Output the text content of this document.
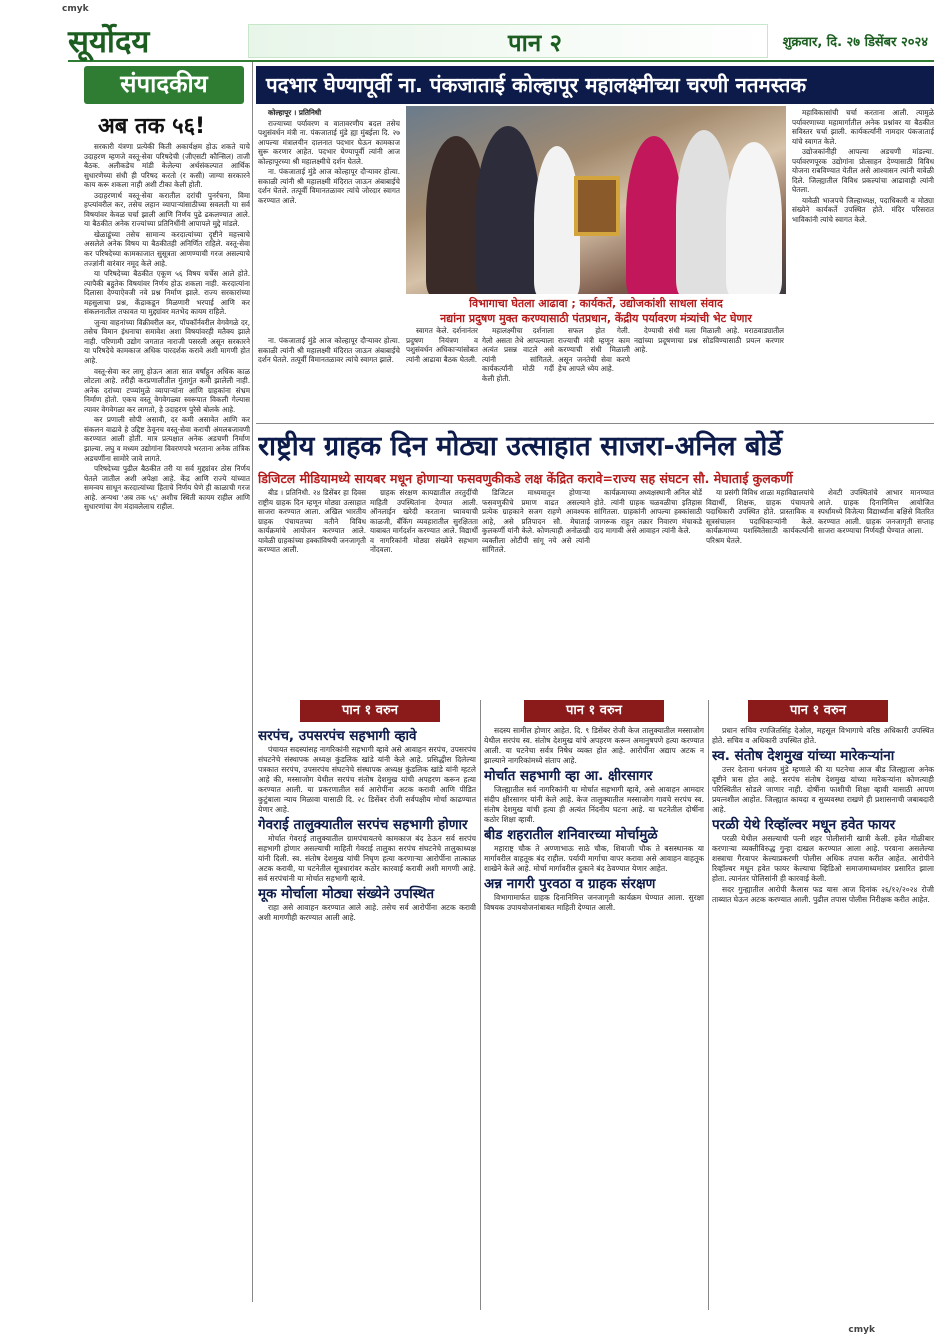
cmyk
सूर्योदय	पान २	शुक्रवार, दि. २७ डिसेंबर २०२४
संपादकीय
अब तक ५६!

सरकारी यंत्रणा प्रत्येकी किती अकार्यक्षम होऊ शकते याचे उदाहरण म्हणजे वस्तू-सेवा परिषदेची (जीएसटी कौन्सिल) ताजी बैठक. अलीकडेच मांडी केलेल्या अर्थसंकल्पात आर्थिक सुधारणेच्या संधी ही परिषद करतो (र कसी) जाग्या सरकारने काय करू शकला नाही अशी टीका केली होती.

उदाहरणार्थ वस्तू-सेवा करातील दरांची पुनर्रचना, विमा हप्त्यांवरील कर, तसेच लहान व्यापाऱ्यांसाठीच्या सवलती या सर्व विषयांवर केवळ चर्चा झाली आणि निर्णय पुढे ढकलण्यात आले. या बैठकीत अनेक राज्यांच्या प्रतिनिधींनी आपापले मुद्दे मांडले.

खेळाडूंच्या तसेच सामान्य करदात्यांच्या दृष्टीने महत्त्वाचे असलेले अनेक विषय या बैठकीतही अनिर्णित राहिले. वस्तू-सेवा कर परिषदेच्या कामकाजात सुसूत्रता आणण्याची गरज असल्याचे तज्ज्ञांनी वारंवार नमूद केले आहे.

या परिषदेच्या बैठकीत एकूण ५६ विषय चर्चेस आले होते. त्यापैकी बहुतेक विषयांवर निर्णय होऊ शकला नाही. करदात्यांना दिलासा देण्याऐवजी नवे प्रश्न निर्माण झाले. राज्य सरकारांच्या महसुलाचा प्रश्न, केंद्राकडून मिळणारी भरपाई आणि कर संकलनातील तफावत या मुद्द्यांवर मतभेद कायम राहिले.

जुन्या वाहनांच्या विक्रीवरील कर, पॉपकॉर्नवरील वेगवेगळे दर, तसेच विमान इंधनाचा समावेश अशा विषयांवरही मतैक्य झाले नाही. परिणामी उद्योग जगतात नाराजी पसरली असून सरकारने या परिषदेचे कामकाज अधिक पारदर्शक करावे अशी मागणी होत आहे.

वस्तू-सेवा कर लागू होऊन आता सात वर्षांहून अधिक काळ लोटला आहे. तरीही करप्रणालीतील गुंतागुंत कमी झालेली नाही. अनेक दरांच्या टप्प्यांमुळे व्यापाऱ्यांना आणि ग्राहकांना संभ्रम निर्माण होतो. एकच वस्तू वेगवेगळ्या स्वरूपात विकली गेल्यास त्यावर वेगवेगळा कर लागतो, हे उदाहरण पुरेसे बोलके आहे.

कर प्रणाली सोपी असावी, दर कमी असावेत आणि कर संकलन वाढावे हे उद्दिष्ट ठेवूनच वस्तू-सेवा कराची अंमलबजावणी करण्यात आली होती. मात्र प्रत्यक्षात अनेक अडचणी निर्माण झाल्या. लघु व मध्यम उद्योगांना विवरणपत्रे भरताना अनेक तांत्रिक अडचणींना सामोरे जावे लागते.

परिषदेच्या पुढील बैठकीत तरी या सर्व मुद्द्यांवर ठोस निर्णय घेतले जातील अशी अपेक्षा आहे. केंद्र आणि राज्ये यांच्यात समन्वय साधून करदात्यांच्या हिताचे निर्णय घेणे ही काळाची गरज आहे. अन्यथा 'अब तक ५६' अशीच स्थिती कायम राहील आणि सुधारणांचा वेग मंदावलेलाच राहील.

पदभार घेण्यापूर्वी ना. पंकजाताई कोल्हापूर महालक्ष्मीच्या चरणी नतमस्तक

कोल्हापूर । प्रतिनिधी

राज्याच्या पर्यावरण व वातावरणीय बदल तसेच पशुसंवर्धन मंत्री ना. पंकजाताई मुंडे ह्या मुंबईला दि. २७ आपल्या मंत्रालयीन दालनात पदभार घेऊन कामकाज सुरू करणार आहेत. पदभार घेण्यापूर्वी त्यांनी आज कोल्हापूरच्या श्री महालक्ष्मीचे दर्शन घेतले.

ना. पंकजाताई मुंडे आज कोल्हापूर दौऱ्यावर होत्या. सकाळी त्यांनी श्री महालक्ष्मी मंदिरात जाऊन अंबाबाईचे दर्शन घेतले. तत्पूर्वी विमानतळावर त्यांचे जोरदार स्वागत करण्यात आले.

विभागाचा घेतला आढावा ; कार्यकर्ते, उद्योजकांशी साधला संवाद
नद्यांना प्रदुषण मुक्त करण्यासाठी पंतप्रधान, केंद्रीय पर्यावरण मंत्र्यांची भेट घेणार

महाविकासांची चर्चा करताना आली. त्यामुळे पर्यावरणाच्या महामार्गातील अनेक प्रश्नांवर या बैठकीत सविस्तर चर्चा झाली. कार्यकर्त्यांनी नामदार पंकजाताई यांचे स्वागत केले.

उद्योजकांनीही आपल्या अडचणी मांडल्या. पर्यावरणपूरक उद्योगांना प्रोत्साहन देण्यासाठी विविध योजना राबविण्यात येतील असे आश्वासन त्यांनी यावेळी दिले. जिल्ह्यातील विविध प्रकल्पांचा आढावाही त्यांनी घेतला.

यावेळी भाजपचे जिल्हाध्यक्ष, पदाधिकारी व मोठ्या संख्येने कार्यकर्ते उपस्थित होते. मंदिर परिसरात भाविकांनी त्यांचे स्वागत केले.

ना. पंकजाताई मुंडे आज कोल्हापूर दौऱ्यावर होत्या. सकाळी त्यांनी श्री महालक्ष्मी मंदिरात जाऊन अंबाबाईचे दर्शन घेतले. तत्पूर्वी विमानतळावर त्यांचे स्वागत झाले.

स्वागत केले. दर्शनानंतर प्रदुषण नियंत्रण व पशुसंवर्धन अधिकाऱ्यांसोबत त्यांनी आढावा बैठक घेतली.

महालक्ष्मीचा दर्शनाला गेलो असता तेथे आपल्याला अत्यंत प्रसन्न वाटले असे त्यांनी सांगितले. कार्यकर्त्यांनी मोठी गर्दी केली होती.

सफल होत गेली. राज्याची मंत्री म्हणून काम करण्याची संधी मिळाली असून जनतेची सेवा करणे हेच आपले ध्येय आहे.

देण्याची संधी मला मिळाली आहे. मराठवाड्यातील नद्यांच्या प्रदूषणाचा प्रश्न सोडविण्यासाठी प्रयत्न करणार आहे.

राष्ट्रीय ग्राहक दिन मोठ्या उत्साहात साजरा-अनिल बोर्डे
डिजिटल मीडियामध्ये सायबर मधून होणाऱ्या फसवणुकीकडे लक्ष केंद्रित करावे=राज्य सह संघटन सौ. मेघाताई कुलकर्णी

बीड । प्रतिनिधी. २४ डिसेंबर हा दिवस राष्ट्रीय ग्राहक दिन म्हणून मोठ्या उत्साहात साजरा करण्यात आला. अखिल भारतीय ग्राहक पंचायतच्या वतीने विविध कार्यक्रमांचे आयोजन करण्यात आले. यावेळी ग्राहकांच्या हक्कांविषयी जनजागृती करण्यात आली.

ग्राहक संरक्षण कायद्यातील तरतुदींची माहिती उपस्थितांना देण्यात आली. ऑनलाईन खरेदी करताना घ्यावयाची काळजी, बँकिंग व्यवहारातील सुरक्षितता याबाबत मार्गदर्शन करण्यात आले. विद्यार्थी व नागरिकांनी मोठ्या संख्येने सहभाग नोंदवला.

डिजिटल माध्यमातून होणाऱ्या फसवणुकीचे प्रमाण वाढत असल्याने प्रत्येक ग्राहकाने सजग राहणे आवश्यक आहे, असे प्रतिपादन सौ. मेघाताई कुलकर्णी यांनी केले. कोणत्याही अनोळखी व्यक्तीला ओटीपी सांगू नये असे त्यांनी सांगितले.

कार्यक्रमाच्या अध्यक्षस्थानी अनिल बोर्डे होते. त्यांनी ग्राहक चळवळीचा इतिहास सांगितला. ग्राहकांनी आपल्या हक्कांसाठी जागरूक राहून तक्रार निवारण मंचाकडे दाद मागावी असे आवाहन त्यांनी केले.

या प्रसंगी विविध शाळा महाविद्यालयांचे विद्यार्थी, शिक्षक, ग्राहक पंचायतचे पदाधिकारी उपस्थित होते. प्रास्ताविक व सूत्रसंचालन पदाधिकाऱ्यांनी केले. कार्यक्रमाच्या यशस्वितेसाठी कार्यकर्त्यांनी परिश्रम घेतले.

शेवटी उपस्थितांचे आभार मानण्यात आले. ग्राहक दिनानिमित्त आयोजित स्पर्धांमध्ये विजेत्या विद्यार्थ्यांना बक्षिसे वितरित करण्यात आली. ग्राहक जनजागृती सप्ताह साजरा करण्याचा निर्णयही घेण्यात आला.

पान १ वरुन	पान १ वरुन	पान १ वरुन
सरपंच, उपसरपंच सहभागी व्हावे

पंचायत सदस्यांसह नागरिकांनी सहभागी व्हावे असे आवाहन सरपंच, उपसरपंच संघटनेचे संस्थापक अध्यक्ष कुंडलिक खांडे यांनी केले आहे. प्रसिद्धीस दिलेल्या पत्रकात सरपंच, उपसरपंच संघटनेचे संस्थापक अध्यक्ष कुंडलिक खांडे यांनी म्हटले आहे की, मस्साजोग येथील सरपंच संतोष देशमुख यांची अपहरण करून हत्या करण्यात आली. या प्रकरणातील सर्व आरोपींना अटक करावी आणि पीडित कुटुंबाला न्याय मिळावा यासाठी दि. २८ डिसेंबर रोजी सर्वपक्षीय मोर्चा काढण्यात येणार आहे.

गेवराई तालुक्यातील सरपंच सहभागी होणार

मोर्चात गेवराई तालुक्यातील ग्रामपंचायतचे कामकाज बंद ठेऊन सर्व सरपंच सहभागी होणार असल्याची माहिती गेवराई तालुका सरपंच संघटनेचे तालुकाध्यक्ष यांनी दिली. स्व. संतोष देशमुख यांची निघृण हत्या करणाऱ्या आरोपींना तात्काळ अटक करावी, या घटनेतील सूत्रधारांवर कठोर कारवाई करावी अशी मागणी आहे. सर्व सरपंचांनी या मोर्चात सहभागी व्हावे.

मूक मोर्चाला मोठ्या संख्येने उपस्थित

राहा असे आवाहन करण्यात आले आहे. तसेच सर्व आरोपींना अटक करावी अशी मागणीही करण्यात आली आहे.

सदस्य सामील होणार आहेत. दि. ९ डिसेंबर रोजी केज तालुक्यातील मस्साजोग येथील सरपंच स्व. संतोष देशमुख यांचे अपहरण करून अमानुषपणे हत्या करण्यात आली. या घटनेचा सर्वत्र निषेध व्यक्त होत आहे. आरोपींना अद्याप अटक न झाल्याने नागरिकांमध्ये संताप आहे.

मोर्चात सहभागी व्हा आ. क्षीरसागर

जिल्ह्यातील सर्व नागरिकांनी या मोर्चात सहभागी व्हावे, असे आवाहन आमदार संदीप क्षीरसागर यांनी केले आहे. केज तालुक्यातील मस्साजोग गावचे सरपंच स्व. संतोष देशमुख यांची हत्या ही अत्यंत निंदनीय घटना आहे. या घटनेतील दोषींना कठोर शिक्षा व्हावी.

बीड शहरातील शनिवारच्या मोर्चामुळे

महाराष्ट्र चौक ते अण्णाभाऊ साठे चौक, शिवाजी चौक ते बसस्थानक या मार्गावरील वाहतूक बंद राहील. पर्यायी मार्गाचा वापर करावा असे आवाहन वाहतूक शाखेने केले आहे. मोर्चा मार्गावरील दुकाने बंद ठेवण्यात येणार आहेत.

अन्न नागरी पुरवठा व ग्राहक संरक्षण

विभागामार्फत ग्राहक दिनानिमित्त जनजागृती कार्यक्रम घेण्यात आला. सुरक्षा विषयक उपाययोजनांबाबत माहिती देण्यात आली.

प्रधान सचिव रणजितसिंह देओल, महसूल विभागाचे वरिष्ठ अधिकारी उपस्थित होते. सचिव व अधिकारी उपस्थित होते.

स्व. संतोष देशमुख यांच्या मारेकऱ्यांना

उत्तर देताना धनंजय मुंडे म्हणाले की या घटनेचा आज बीड जिल्ह्याला अनेक दृष्टीने त्रास होत आहे. सरपंच संतोष देशमुख यांच्या मारेकऱ्यांना कोणत्याही परिस्थितीत सोडले जाणार नाही. दोषींना फाशीची शिक्षा व्हावी यासाठी आपण प्रयत्नशील आहोत. जिल्ह्यात कायदा व सुव्यवस्था राखणे ही प्रशासनाची जबाबदारी आहे.

परळी येथे रिव्हॉल्वर मधून हवेत फायर

परळी येथील असल्याची पत्नी शहर पोलीसांनी खात्री केली. हवेत गोळीबार करणाऱ्या व्यक्तीविरुद्ध गुन्हा दाखल करण्यात आला आहे. परवाना असलेल्या शस्त्राचा गैरवापर केल्याप्रकरणी पोलीस अधिक तपास करीत आहेत. आरोपीने रिव्हॉल्वर मधून हवेत फायर केल्याचा व्हिडिओ समाजमाध्यमांवर प्रसारित झाला होता. त्यानंतर पोलिसांनी ही कारवाई केली.

सदर गुन्ह्यातील आरोपी कैलास फड यास आज दिनांक २६/१२/२०२४ रोजी ताब्यात घेऊन अटक करण्यात आली. पुढील तपास पोलीस निरीक्षक करीत आहेत.

cmyk
